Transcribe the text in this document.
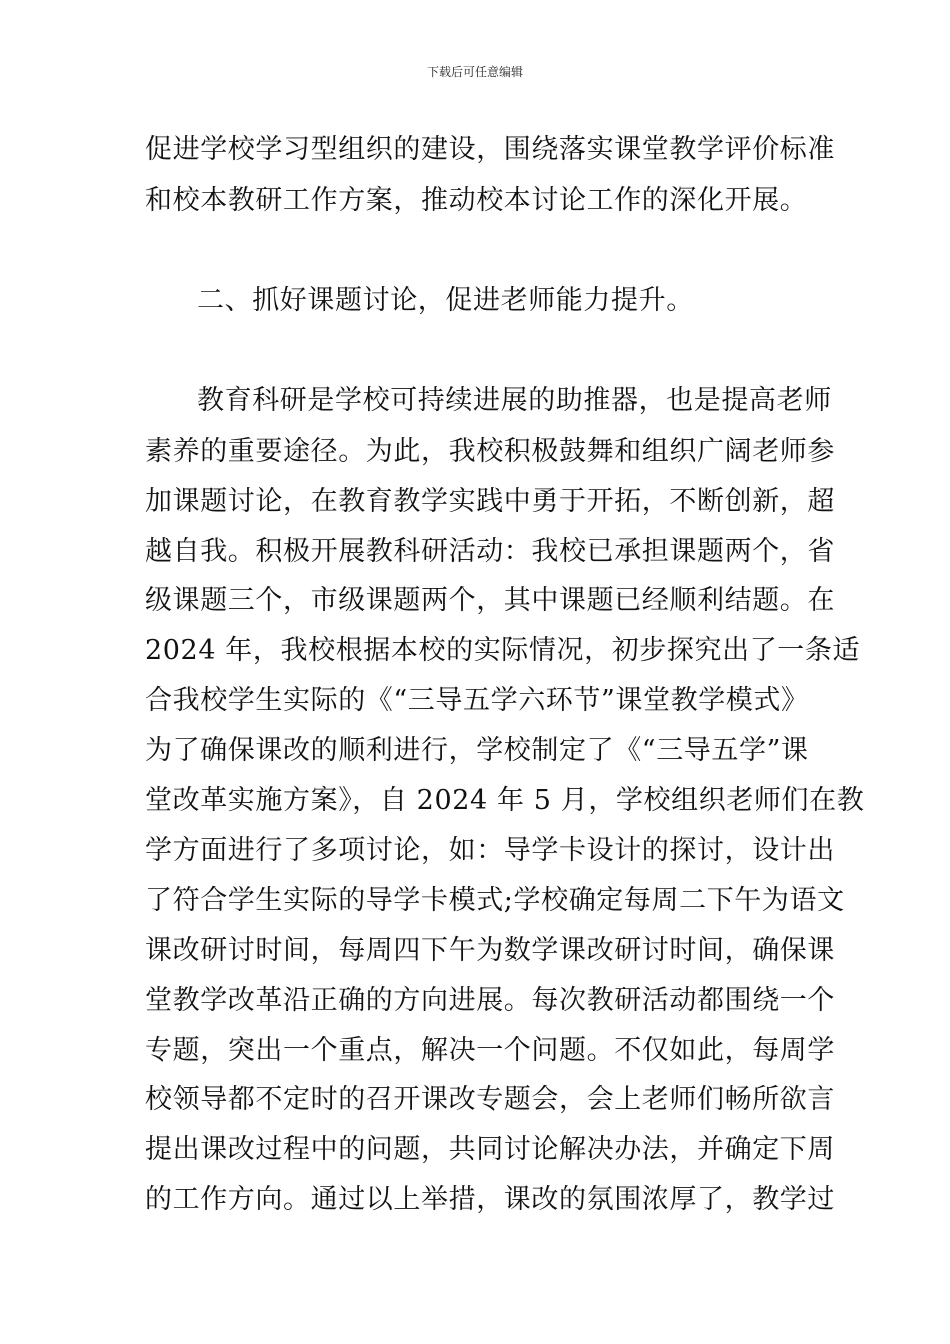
下载后可任意编辑
促进学校学习型组织的建设，围绕落实课堂教学评价标准
和校本教研工作方案，推动校本讨论工作的深化开展。
二、抓好课题讨论，促进老师能力提升。
教育科研是学校可持续进展的助推器，也是提高老师
素养的重要途径。为此，我校积极鼓舞和组织广阔老师参
加课题讨论，在教育教学实践中勇于开拓，不断创新，超
越自我。积极开展教科研活动：我校已承担课题两个，省
级课题三个，市级课题两个，其中课题已经顺利结题。在
2024 年，我校根据本校的实际情况，初步探究出了一条适
合我校学生实际的《“三导五学六环节”课堂教学模式》
为了确保课改的顺利进行，学校制定了《“三导五学”课
堂改革实施方案》，自 2024 年 5 月，学校组织老师们在教
学方面进行了多项讨论，如：导学卡设计的探讨，设计出
了符合学生实际的导学卡模式;学校确定每周二下午为语文
课改研讨时间，每周四下午为数学课改研讨时间，确保课
堂教学改革沿正确的方向进展。每次教研活动都围绕一个
专题，突出一个重点，解决一个问题。不仅如此，每周学
校领导都不定时的召开课改专题会，会上老师们畅所欲言
提出课改过程中的问题，共同讨论解决办法，并确定下周
的工作方向。通过以上举措，课改的氛围浓厚了，教学过
